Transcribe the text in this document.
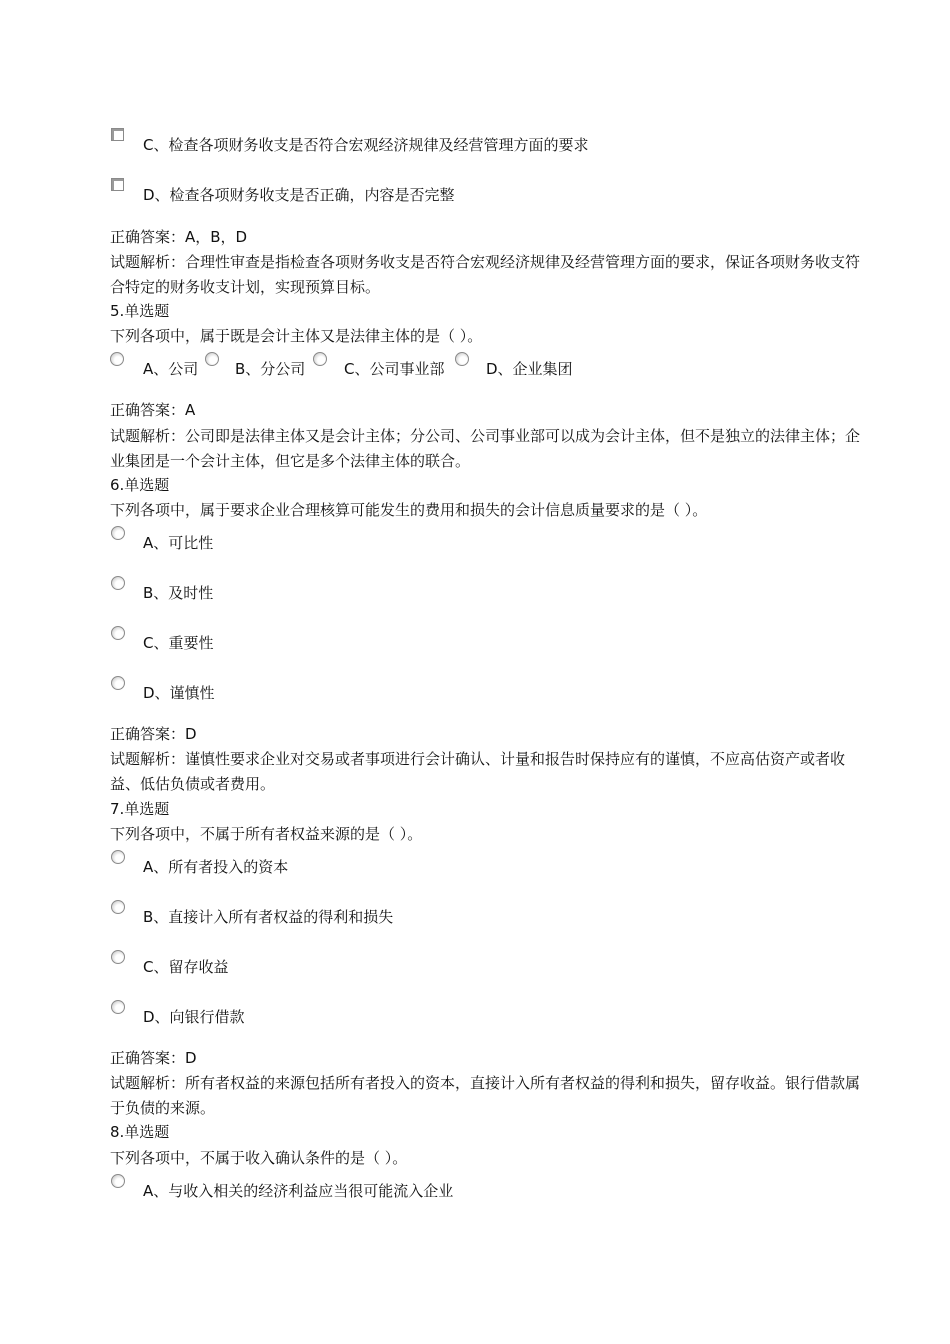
C、检查各项财务收支是否符合宏观经济规律及经营管理方面的要求
D、检查各项财务收支是否正确，内容是否完整
正确答案：A，B，D
试题解析：合理性审查是指检查各项财务收支是否符合宏观经济规律及经营管理方面的要求，保证各项财务收支符合特定的财务收支计划，实现预算目标。
5.单选题
下列各项中，属于既是会计主体又是法律主体的是（ ）。
A、公司 B、分公司	C、公司事业部	D、企业集团
正确答案：A
试题解析：公司即是法律主体又是会计主体；分公司、公司事业部可以成为会计主体，但不是独立的法律主体；企业集团是一个会计主体，但它是多个法律主体的联合。
6.单选题
下列各项中，属于要求企业合理核算可能发生的费用和损失的会计信息质量要求的是（ ）。
A、可比性
B、及时性
C、重要性
D、谨慎性
正确答案：D
试题解析：谨慎性要求企业对交易或者事项进行会计确认、计量和报告时保持应有的谨慎，不应高估资产或者收益、低估负债或者费用。
7.单选题
下列各项中，不属于所有者权益来源的是（ ）。
A、所有者投入的资本
B、直接计入所有者权益的得利和损失
C、留存收益
D、向银行借款
正确答案：D
试题解析：所有者权益的来源包括所有者投入的资本，直接计入所有者权益的得利和损失，留存收益。银行借款属于负债的来源。
8.单选题
下列各项中，不属于收入确认条件的是（ ）。
A、与收入相关的经济利益应当很可能流入企业
